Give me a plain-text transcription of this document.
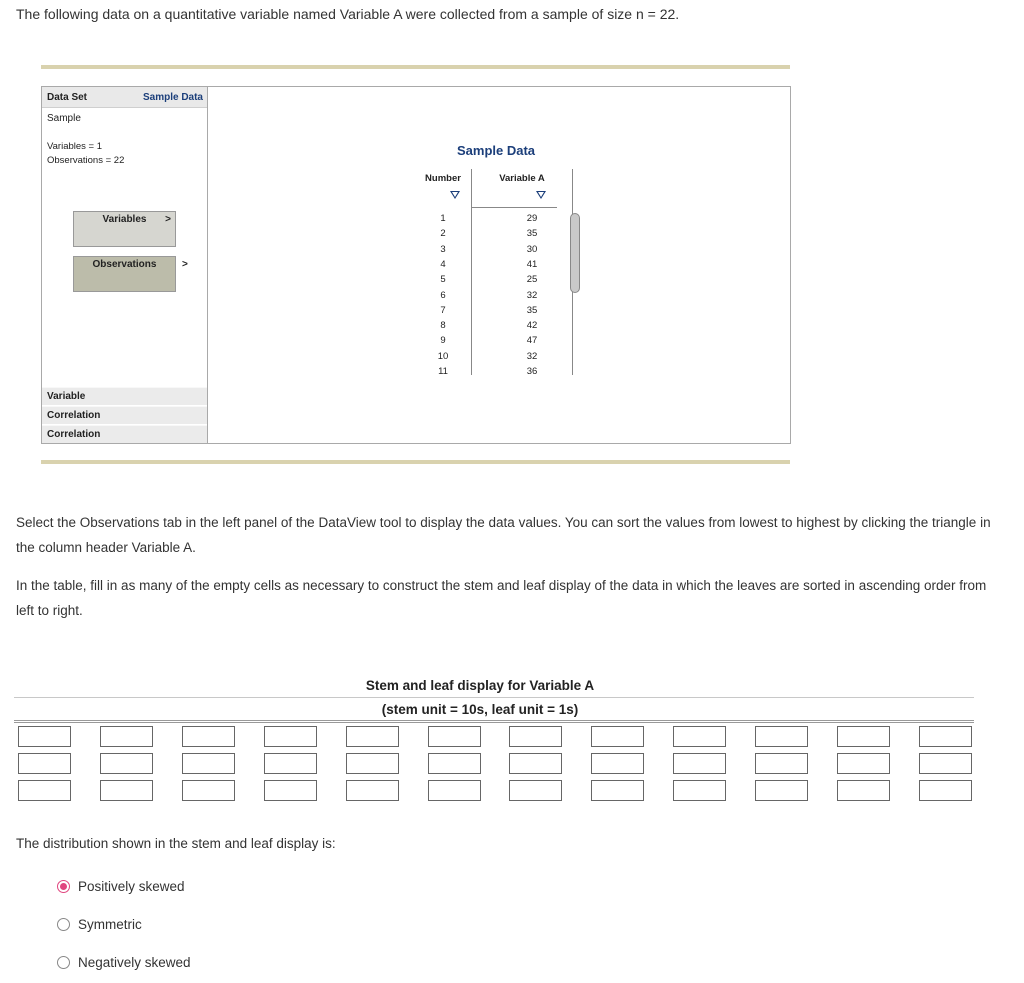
The following data on a quantitative variable named Variable A were collected from a sample of size n = 22.
Data Set	Sample Data
Sample
Variables = 1
Observations = 22
Variables	>
Observations	>
Variable
Correlation
Correlation
Sample Data
Number	Variable A
1	29
2	35
3	30
4	41
5	25
6	32
7	35
8	42
9	47
10	32
11	36
Select the Observations tab in the left panel of the DataView tool to display the data values. You can sort the values from lowest to highest by clicking the triangle in the column header Variable A.
In the table, fill in as many of the empty cells as necessary to construct the stem and leaf display of the data in which the leaves are sorted in ascending order from left to right.
Stem and leaf display for Variable A
(stem unit = 10s, leaf unit = 1s)
The distribution shown in the stem and leaf display is:
Positively skewed
Symmetric
Negatively skewed
